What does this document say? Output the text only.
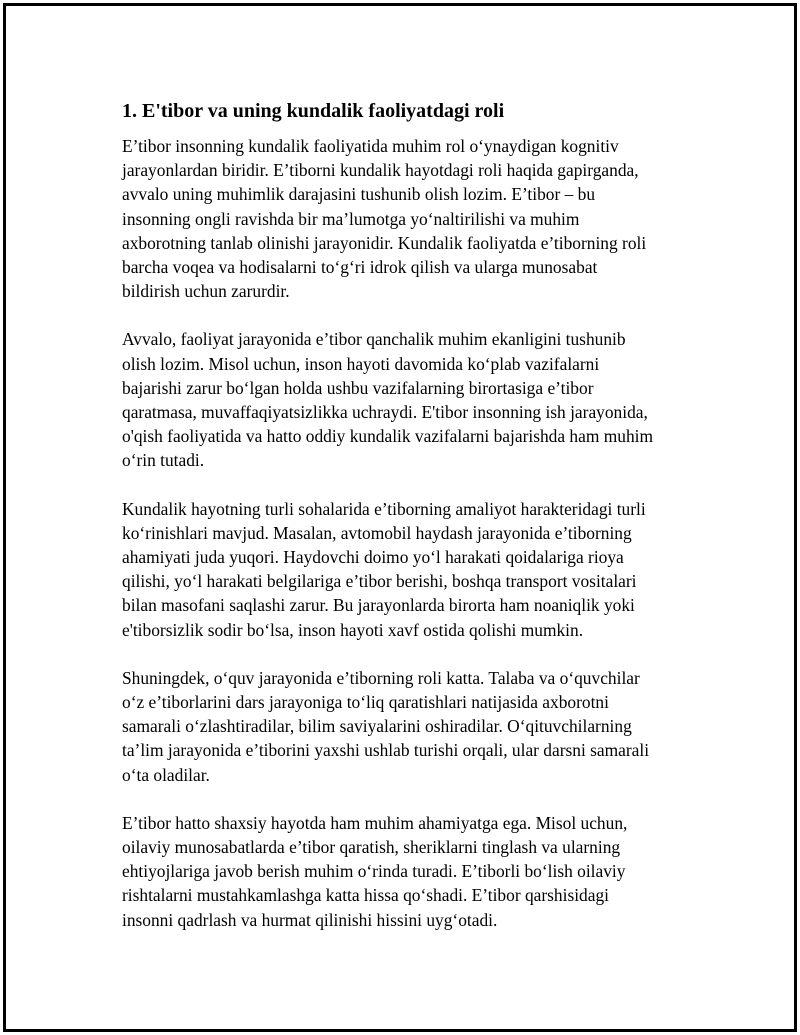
1. E'tibor va uning kundalik faoliyatdagi roli
E’tibor insonning kundalik faoliyatida muhim rol o‘ynaydigan kognitiv
jarayonlardan biridir. E’tiborni kundalik hayotdagi roli haqida gapirganda,
avvalo uning muhimlik darajasini tushunib olish lozim. E’tibor – bu
insonning ongli ravishda bir ma’lumotga yo‘naltirilishi va muhim
axborotning tanlab olinishi jarayonidir. Kundalik faoliyatda e’tiborning roli
barcha voqea va hodisalarni to‘g‘ri idrok qilish va ularga munosabat
bildirish uchun zarurdir.
Avvalo, faoliyat jarayonida e’tibor qanchalik muhim ekanligini tushunib
olish lozim. Misol uchun, inson hayoti davomida ko‘plab vazifalarni
bajarishi zarur bo‘lgan holda ushbu vazifalarning birortasiga e’tibor
qaratmasa, muvaffaqiyatsizlikka uchraydi. E'tibor insonning ish jarayonida,
o'qish faoliyatida va hatto oddiy kundalik vazifalarni bajarishda ham muhim
o‘rin tutadi.
Kundalik hayotning turli sohalarida e’tiborning amaliyot harakteridagi turli
ko‘rinishlari mavjud. Masalan, avtomobil haydash jarayonida e’tiborning
ahamiyati juda yuqori. Haydovchi doimo yo‘l harakati qoidalariga rioya
qilishi, yo‘l harakati belgilariga e’tibor berishi, boshqa transport vositalari
bilan masofani saqlashi zarur. Bu jarayonlarda birorta ham noaniqlik yoki
e'tiborsizlik sodir bo‘lsa, inson hayoti xavf ostida qolishi mumkin.
Shuningdek, o‘quv jarayonida e’tiborning roli katta. Talaba va o‘quvchilar
o‘z e’tiborlarini dars jarayoniga to‘liq qaratishlari natijasida axborotni
samarali o‘zlashtiradilar, bilim saviyalarini oshiradilar. O‘qituvchilarning
ta’lim jarayonida e’tiborini yaxshi ushlab turishi orqali, ular darsni samarali
o‘ta oladilar.
E’tibor hatto shaxsiy hayotda ham muhim ahamiyatga ega. Misol uchun,
oilaviy munosabatlarda e’tibor qaratish, sheriklarni tinglash va ularning
ehtiyojlariga javob berish muhim o‘rinda turadi. E’tiborli bo‘lish oilaviy
rishtalarni mustahkamlashga katta hissa qo‘shadi. E’tibor qarshisidagi
insonni qadrlash va hurmat qilinishi hissini uyg‘otadi.
